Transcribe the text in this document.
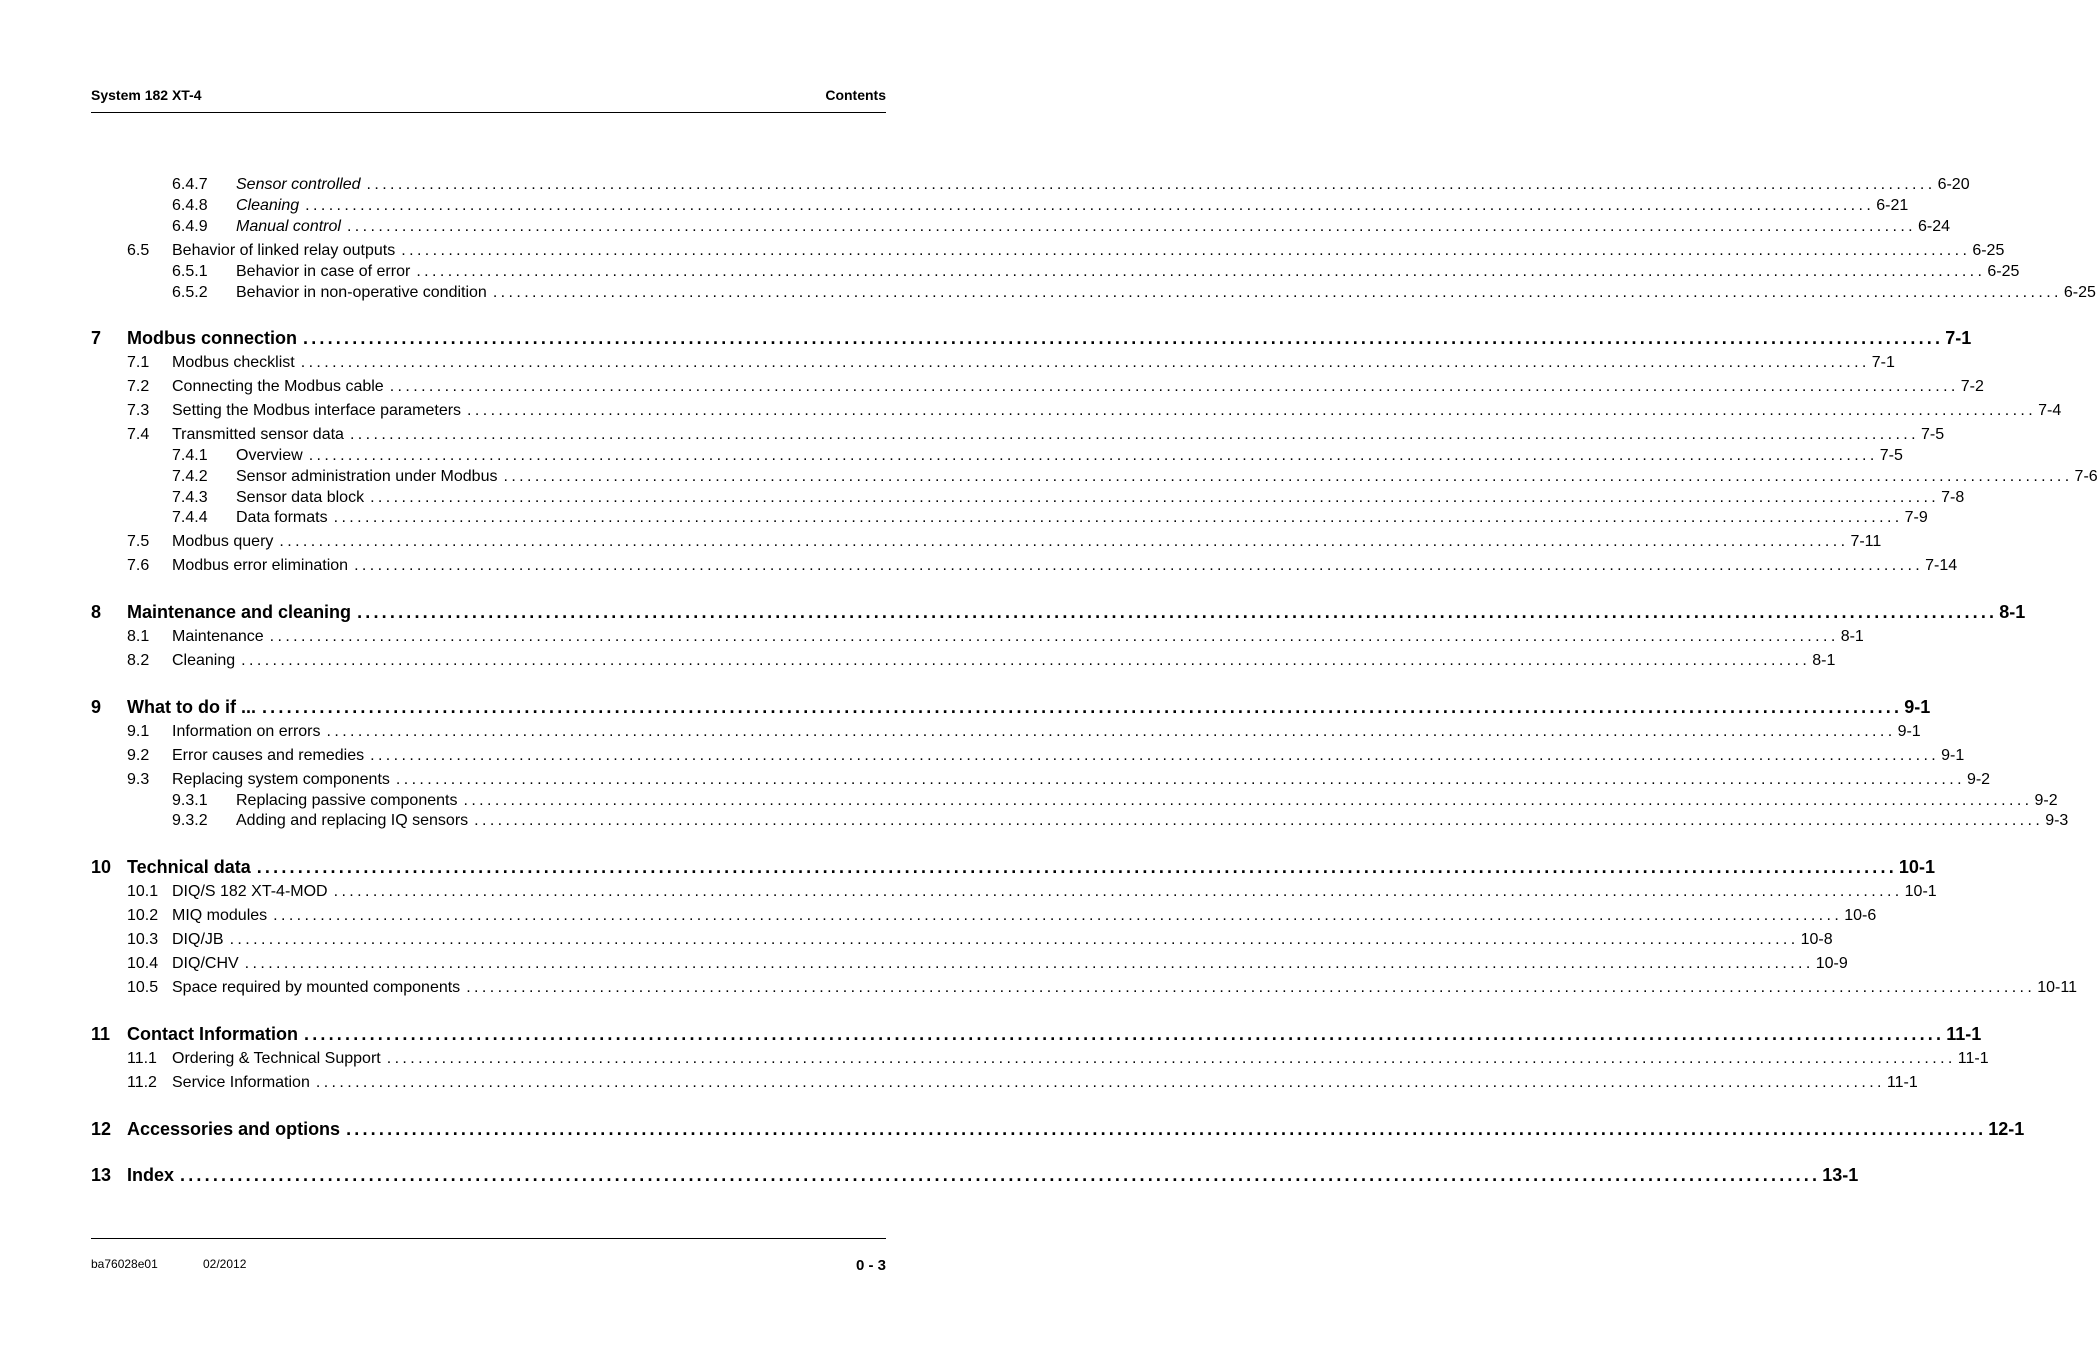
System 182 XT-4	Contents
6.4.7 Sensor controlled ........................................................................................................................................................................................................ 6-20
6.4.8 Cleaning ........................................................................................................................................................................................................ 6-21
6.4.9 Manual control ........................................................................................................................................................................................................ 6-24
6.5 Behavior of linked relay outputs ........................................................................................................................................................................................................ 6-25
6.5.1 Behavior in case of error ........................................................................................................................................................................................................ 6-25
6.5.2 Behavior in non-operative condition ........................................................................................................................................................................................................ 6-25
7 Modbus connection ........................................................................................................................................................................................................ 7-1
7.1 Modbus checklist ........................................................................................................................................................................................................ 7-1
7.2 Connecting the Modbus cable ........................................................................................................................................................................................................ 7-2
7.3 Setting the Modbus interface parameters ........................................................................................................................................................................................................ 7-4
7.4 Transmitted sensor data ........................................................................................................................................................................................................ 7-5
7.4.1 Overview ........................................................................................................................................................................................................ 7-5
7.4.2 Sensor administration under Modbus ........................................................................................................................................................................................................ 7-6
7.4.3 Sensor data block ........................................................................................................................................................................................................ 7-8
7.4.4 Data formats ........................................................................................................................................................................................................ 7-9
7.5 Modbus query ........................................................................................................................................................................................................ 7-11
7.6 Modbus error elimination ........................................................................................................................................................................................................ 7-14
8 Maintenance and cleaning ........................................................................................................................................................................................................ 8-1
8.1 Maintenance ........................................................................................................................................................................................................ 8-1
8.2 Cleaning ........................................................................................................................................................................................................ 8-1
9 What to do if ... ........................................................................................................................................................................................................ 9-1
9.1 Information on errors ........................................................................................................................................................................................................ 9-1
9.2 Error causes and remedies ........................................................................................................................................................................................................ 9-1
9.3 Replacing system components ........................................................................................................................................................................................................ 9-2
9.3.1 Replacing passive components ........................................................................................................................................................................................................ 9-2
9.3.2 Adding and replacing IQ sensors ........................................................................................................................................................................................................ 9-3
10 Technical data ........................................................................................................................................................................................................ 10-1
10.1 DIQ/S 182 XT-4-MOD ........................................................................................................................................................................................................ 10-1
10.2 MIQ modules ........................................................................................................................................................................................................ 10-6
10.3 DIQ/JB ........................................................................................................................................................................................................ 10-8
10.4 DIQ/CHV ........................................................................................................................................................................................................ 10-9
10.5 Space required by mounted components ........................................................................................................................................................................................................ 10-11
11 Contact Information ........................................................................................................................................................................................................ 11-1
11.1 Ordering & Technical Support ........................................................................................................................................................................................................ 11-1
11.2 Service Information ........................................................................................................................................................................................................ 11-1
12 Accessories and options ........................................................................................................................................................................................................ 12-1
13 Index ........................................................................................................................................................................................................ 13-1
ba76028e01	02/2012	0 - 3
